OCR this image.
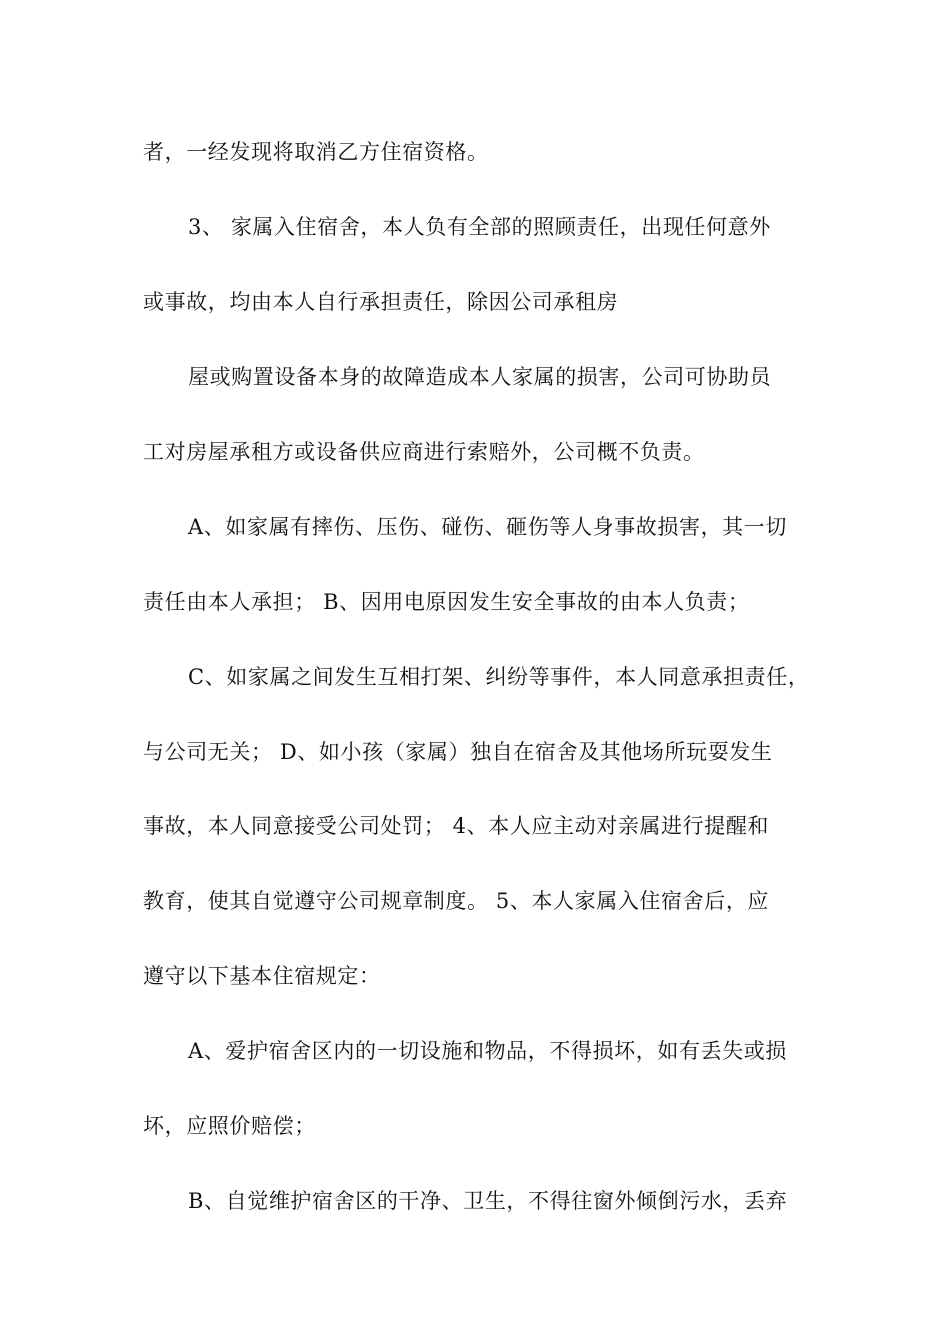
者，一经发现将取消乙方住宿资格。
3、 家属入住宿舍，本人负有全部的照顾责任，出现任何意外
或事故，均由本人自行承担责任，除因公司承租房
屋或购置设备本身的故障造成本人家属的损害，公司可协助员
工对房屋承租方或设备供应商进行索赔外，公司概不负责。
A、如家属有摔伤、压伤、碰伤、砸伤等人身事故损害，其一切
责任由本人承担； B、因用电原因发生安全事故的由本人负责；
C、如家属之间发生互相打架、纠纷等事件，本人同意承担责任，
与公司无关； D、如小孩（家属）独自在宿舍及其他场所玩耍发生
事故，本人同意接受公司处罚； 4、本人应主动对亲属进行提醒和
教育，使其自觉遵守公司规章制度。 5、本人家属入住宿舍后，应
遵守以下基本住宿规定：
A、爱护宿舍区内的一切设施和物品，不得损坏，如有丢失或损
坏，应照价赔偿；
B、自觉维护宿舍区的干净、卫生，不得往窗外倾倒污水，丢弃
